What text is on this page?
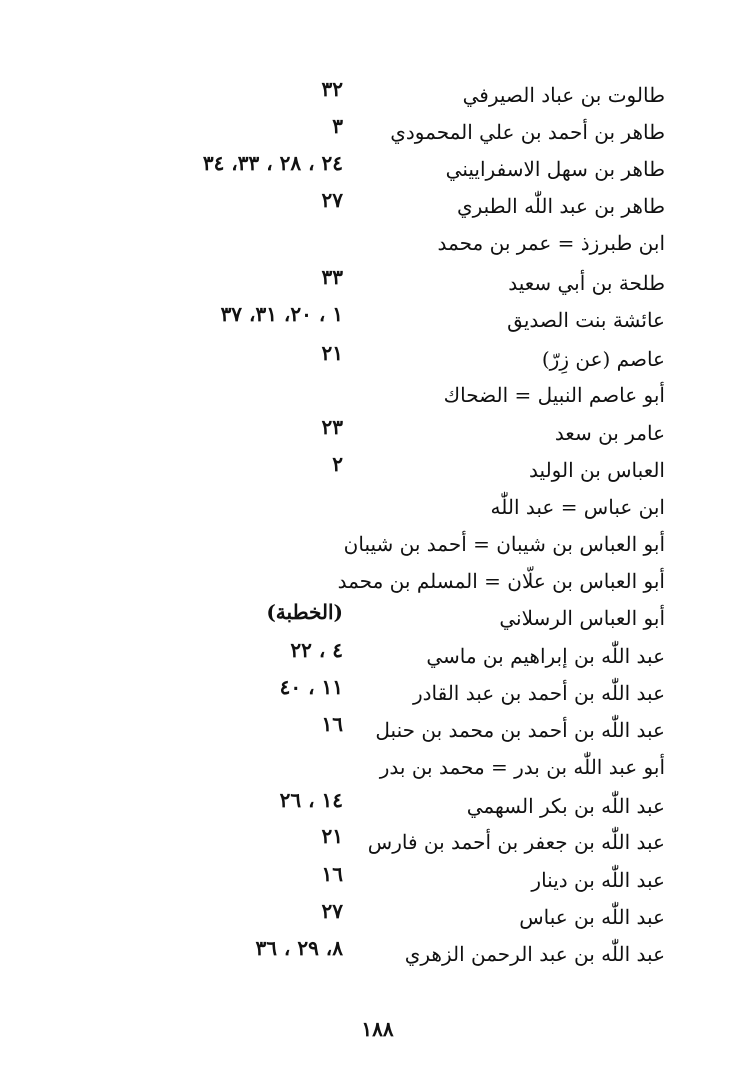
طالوت بن عباد الصيرفي
٣٢
طاهر بن أحمد بن علي المحمودي
٣
طاهر بن سهل الاسفراييني
٢٤ ، ٢٨ ، ٣٣، ٣٤
طاهر بن عبد اللّٰه الطبري
٢٧
ابن طبرزذ = عمر بن محمد
طلحة بن أبي سعيد
٣٣
عائشة بنت الصديق
١ ، ٢٠، ٣١، ٣٧
عاصم (عن زِرّ)
٢١
أبو عاصم النبيل = الضحاك
عامر بن سعد
٢٣
العباس بن الوليد
٢
ابن عباس = عبد اللّٰه
أبو العباس بن شيبان = أحمد بن شيبان
أبو العباس بن علّان = المسلم بن محمد
أبو العباس الرسلاني
(الخطبة)
عبد اللّٰه بن إبراهيم بن ماسي
٤ ، ٢٢
عبد اللّٰه بن أحمد بن عبد القادر
١١ ، ٤٠
عبد اللّٰه بن أحمد بن محمد بن حنبل
١٦
أبو عبد اللّٰه بن بدر = محمد بن بدر
عبد اللّٰه بن بكر السهمي
١٤ ، ٢٦
عبد اللّٰه بن جعفر بن أحمد بن فارس
٢١
عبد اللّٰه بن دينار
١٦
عبد اللّٰه بن عباس
٢٧
عبد اللّٰه بن عبد الرحمن الزهري
٨، ٢٩ ، ٣٦
١٨٨
